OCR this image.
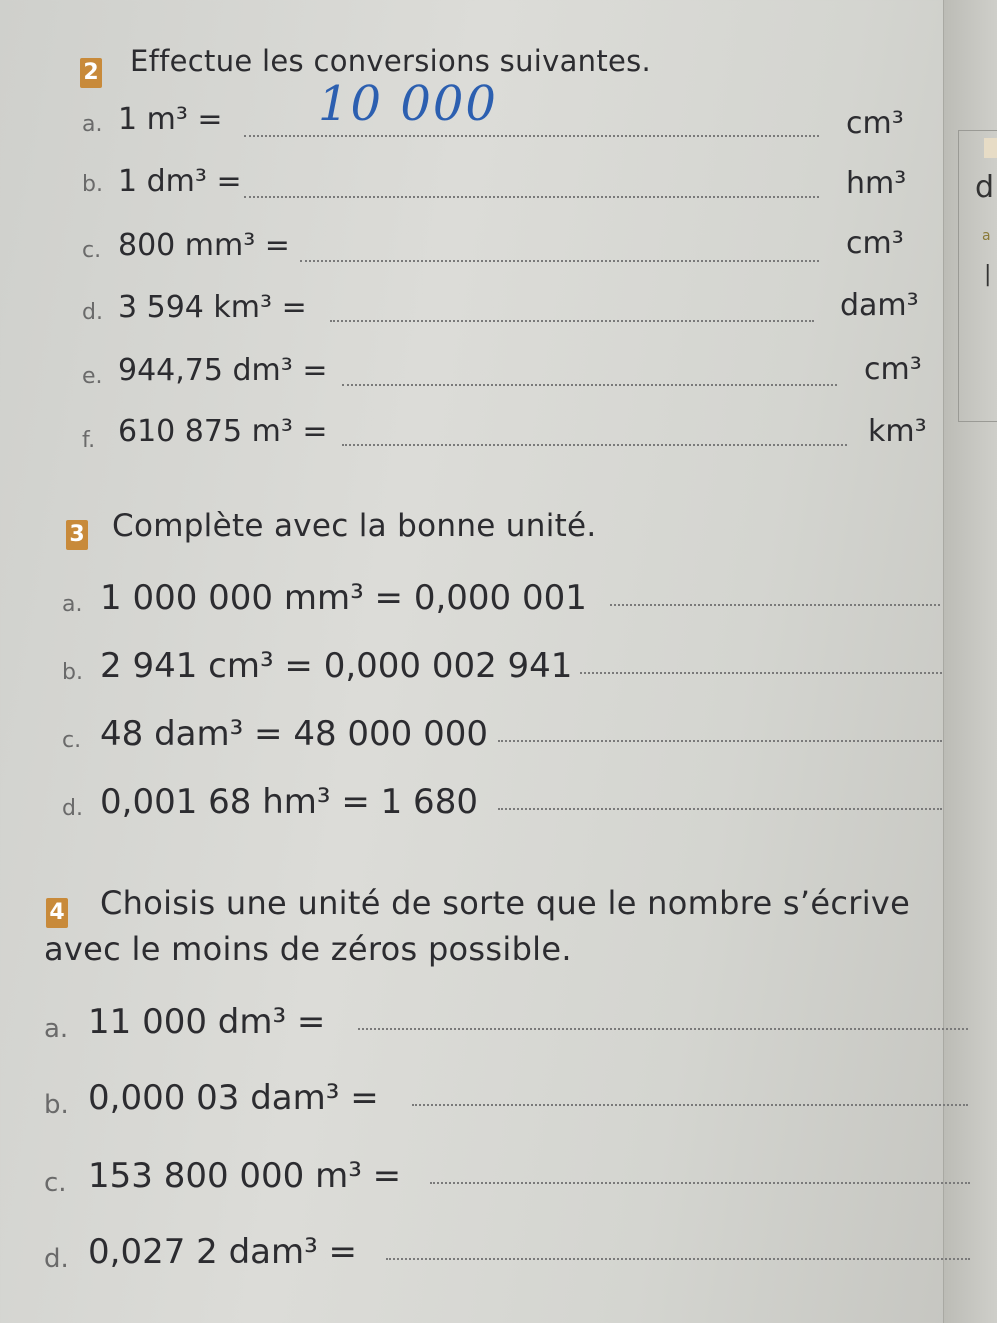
d
a
|
2 Effectue les conversions suivantes.
a. 1 m³ = 10 000	cm³
b. 1 dm³ =	hm³
c. 800 mm³ =	cm³
d. 3 594 km³ =	dam³
e. 944,75 dm³ =	cm³
f. 610 875 m³ =	km³
3 Complète avec la bonne unité.
a. 1 000 000 mm³ = 0,000 001
b. 2 941 cm³ = 0,000 002 941
c. 48 dam³ = 48 000 000
d. 0,001 68 hm³ = 1 680
4 Choisis une unité de sorte que le nombre s’écrive
avec le moins de zéros possible.
a. 11 000 dm³ =
b. 0,000 03 dam³ =
c. 153 800 000 m³ =
d. 0,027 2 dam³ =
